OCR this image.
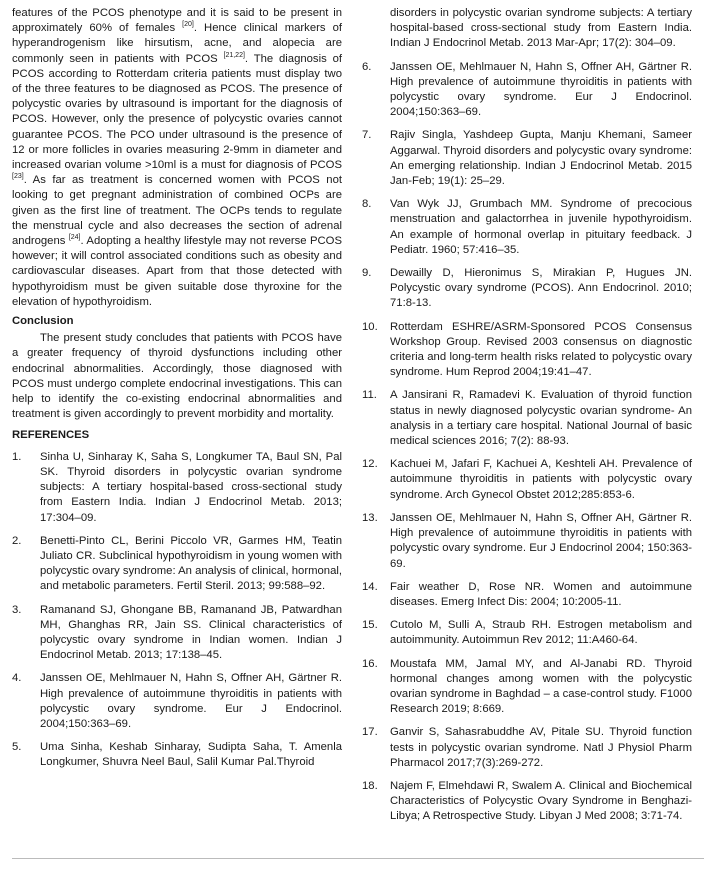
features of the PCOS phenotype and it is said to be present in approximately 60% of females [20]. Hence clinical markers of hyperandrogenism like hirsutism, acne, and alopecia are commonly seen in patients with PCOS [21,22]. The diagnosis of PCOS according to Rotterdam criteria patients must display two of the three features to be diagnosed as PCOS. The presence of polycystic ovaries by ultrasound is important for the diagnosis of PCOS. However, only the presence of polycystic ovaries cannot guarantee PCOS. The PCO under ultrasound is the presence of 12 or more follicles in ovaries measuring 2-9mm in diameter and increased ovarian volume >10ml is a must for diagnosis of PCOS [23]. As far as treatment is concerned women with PCOS not looking to get pregnant administration of combined OCPs are given as the first line of treatment. The OCPs tends to regulate the menstrual cycle and also decreases the section of adrenal androgens [24]. Adopting a healthy lifestyle may not reverse PCOS however; it will control associated conditions such as obesity and cardiovascular diseases. Apart from that those detected with hypothyroidism must be given suitable dose thyroxine for the elevation of hypothyroidism.

Conclusion

The present study concludes that patients with PCOS have a greater frequency of thyroid dysfunctions including other endocrinal abnormalities. Accordingly, those diagnosed with PCOS must undergo complete endocrinal investigations. This can help to identify the co-existing endocrinal abnormalities and treatment is given accordingly to prevent morbidity and mortality.

REFERENCES

1.	Sinha U, Sinharay K, Saha S, Longkumer TA, Baul SN, Pal SK. Thyroid disorders in polycystic ovarian syndrome subjects: A tertiary hospital-based cross-sectional study from Eastern India. Indian J Endocrinol Metab. 2013; 17:304–09.
2.	Benetti-Pinto CL, Berini Piccolo VR, Garmes HM, Teatin Juliato CR. Subclinical hypothyroidism in young women with polycystic ovary syndrome: An analysis of clinical, hormonal, and metabolic parameters. Fertil Steril. 2013; 99:588–92.
3.	Ramanand SJ, Ghongane BB, Ramanand JB, Patwardhan MH, Ghanghas RR, Jain SS. Clinical characteristics of polycystic ovary syndrome in Indian women. Indian J Endocrinol Metab. 2013; 17:138–45.
4.	Janssen OE, Mehlmauer N, Hahn S, Offner AH, Gärtner R. High prevalence of autoimmune thyroiditis in patients with polycystic ovary syndrome. Eur J Endocrinol. 2004;150:363–69.
5.	Uma Sinha, Keshab Sinharay, Sudipta Saha, T. Amenla Longkumer, Shuvra Neel Baul, Salil Kumar Pal.Thyroid
disorders in polycystic ovarian syndrome subjects: A tertiary hospital-based cross-sectional study from Eastern India. Indian J Endocrinol Metab. 2013 Mar-Apr; 17(2): 304–09.
6.	Janssen OE, Mehlmauer N, Hahn S, Offner AH, Gärtner R. High prevalence of autoimmune thyroiditis in patients with polycystic ovary syndrome. Eur J Endocrinol. 2004;150:363–69.
7.	Rajiv Singla, Yashdeep Gupta, Manju Khemani, Sameer Aggarwal. Thyroid disorders and polycystic ovary syndrome: An emerging relationship. Indian J Endocrinol Metab. 2015 Jan-Feb; 19(1): 25–29.
8.	Van Wyk JJ, Grumbach MM. Syndrome of precocious menstruation and galactorrhea in juvenile hypothyroidism. An example of hormonal overlap in pituitary feedback. J Pediatr. 1960; 57:416–35.
9.	Dewailly D, Hieronimus S, Mirakian P, Hugues JN. Polycystic ovary syndrome (PCOS). Ann Endocrinol. 2010; 71:8-13.
10.	Rotterdam ESHRE/ASRM-Sponsored PCOS Consensus Workshop Group. Revised 2003 consensus on diagnostic criteria and long-term health risks related to polycystic ovary syndrome. Hum Reprod 2004;19:41–47.
11.	A Jansirani R, Ramadevi K. Evaluation of thyroid function status in newly diagnosed polycystic ovarian syndrome- An analysis in a tertiary care hospital. National Journal of basic medical sciences 2016; 7(2): 88-93.
12.	Kachuei M, Jafari F, Kachuei A, Keshteli AH. Prevalence of autoimmune thyroiditis in patients with polycystic ovary syndrome. Arch Gynecol Obstet 2012;285:853-6.
13.	Janssen OE, Mehlmauer N, Hahn S, Offner AH, Gärtner R. High prevalence of autoimmune thyroiditis in patients with polycystic ovary syndrome. Eur J Endocrinol 2004; 150:363-69.
14.	Fair weather D, Rose NR. Women and autoimmune diseases. Emerg Infect Dis: 2004; 10:2005-11.
15.	Cutolo M, Sulli A, Straub RH. Estrogen metabolism and autoimmunity. Autoimmun Rev 2012; 11:A460-64.
16.	Moustafa MM, Jamal MY, and Al-Janabi RD. Thyroid hormonal changes among women with the polycystic ovarian syndrome in Baghdad – a case-control study. F1000 Research 2019; 8:669.
17.	Ganvir S, Sahasrabuddhe AV, Pitale SU. Thyroid function tests in polycystic ovarian syndrome. Natl J Physiol Pharm Pharmacol 2017;7(3):269-272.
18.	Najem F, Elmehdawi R, Swalem A. Clinical and Biochemical Characteristics of Polycystic Ovary Syndrome in Benghazi-Libya; A Retrospective Study. Libyan J Med 2008; 3:71-74.
